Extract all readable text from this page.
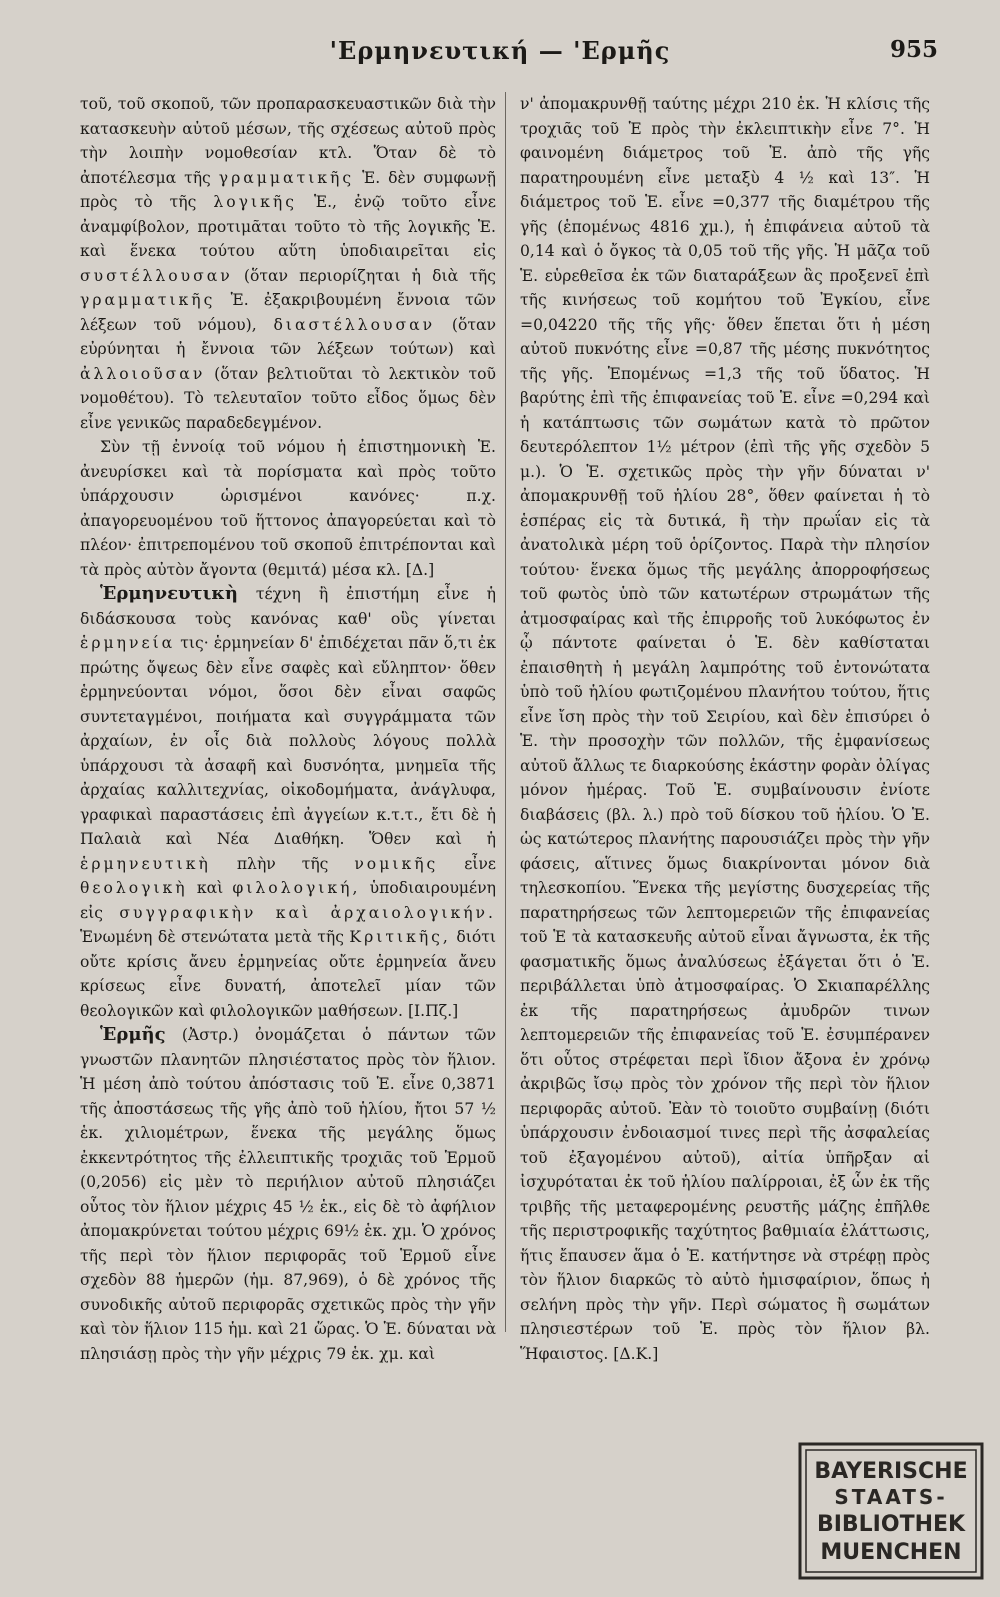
'Ερμηνευτική — 'Ερμῆς	955

τοῦ, τοῦ σκοποῦ, τῶν προπαρασκευαστικῶν διὰ τὴν κατασκευὴν αὐτοῦ μέσων, τῆς σχέσεως αὐτοῦ πρὸς τὴν λοιπὴν νομοθεσίαν κτλ. Ὅταν δὲ τὸ ἀποτέλεσμα τῆς γραμματικῆς Ἑ. δὲν συμφωνῇ πρὸς τὸ τῆς λογικῆς Ἑ., ἐνῷ τοῦτο εἶνε ἀναμφίβολον, προτιμᾶται τοῦτο τὸ τῆς λογικῆς Ἑ. καὶ ἕνεκα τούτου αὕτη ὑποδιαιρεῖται εἰς συστέλλουσαν (ὅταν περιορίζηται ἡ διὰ τῆς γραμματικῆς Ἑ. ἐξακριβουμένη ἔννοια τῶν λέξεων τοῦ νόμου), διαστέλλουσαν (ὅταν εὐρύνηται ἡ ἔννοια τῶν λέξεων τούτων) καὶ ἀλλοιοῦσαν (ὅταν βελτιοῦται τὸ λεκτικὸν τοῦ νομοθέτου). Τὸ τελευταῖον τοῦτο εἶδος ὅμως δὲν εἶνε γενικῶς παραδεδεγμένον.

Σὺν τῇ ἐννοίᾳ τοῦ νόμου ἡ ἐπιστημονικὴ Ἑ. ἀνευρίσκει καὶ τὰ πορίσματα καὶ πρὸς τοῦτο ὑπάρχουσιν ὡρισμένοι κανόνες· π.χ. ἀπαγορευομένου τοῦ ἥττονος ἀπαγορεύεται καὶ τὸ πλέον· ἐπιτρεπομένου τοῦ σκοποῦ ἐπιτρέπονται καὶ τὰ πρὸς αὐτὸν ἄγοντα (θεμιτά) μέσα κλ. [Δ.]

Ἑρμηνευτικὴ τέχνη ἢ ἐπιστήμη εἶνε ἡ διδάσκουσα τοὺς κανόνας καθ' οὓς γίνεται ἑρμηνεία τις· ἑρμηνείαν δ' ἐπιδέχεται πᾶν ὅ,τι ἐκ πρώτης ὄψεως δὲν εἶνε σαφὲς καὶ εὔληπτον· ὅθεν ἑρμηνεύονται νόμοι, ὅσοι δὲν εἶναι σαφῶς συντεταγμένοι, ποιήματα καὶ συγγράμματα τῶν ἀρχαίων, ἐν οἷς διὰ πολλοὺς λόγους πολλὰ ὑπάρχουσι τὰ ἀσαφῆ καὶ δυσνόητα, μνημεῖα τῆς ἀρχαίας καλλιτεχνίας, οἰκοδομήματα, ἀνάγλυφα, γραφικαὶ παραστάσεις ἐπὶ ἀγγείων κ.τ.τ., ἔτι δὲ ἡ Παλαιὰ καὶ Νέα Διαθήκη. Ὅθεν καὶ ἡ ἑρμηνευτικὴ πλὴν τῆς νομικῆς εἶνε θεολογικὴ καὶ φιλολογική, ὑποδιαιρουμένη εἰς συγγραφικὴν καὶ ἀρχαιολογικήν. Ἑνωμένη δὲ στενώτατα μετὰ τῆς Κριτικῆς, διότι οὔτε κρίσις ἄνευ ἑρμηνείας οὔτε ἑρμηνεία ἄνευ κρίσεως εἶνε δυνατή, ἀποτελεῖ μίαν τῶν θεολογικῶν καὶ φιλολογικῶν μαθήσεων. [Ι.Πζ.]

Ἑρμῆς (Ἀστρ.) ὀνομάζεται ὁ πάντων τῶν γνωστῶν πλανητῶν πλησιέστατος πρὸς τὸν ἥλιον. Ἡ μέση ἀπὸ τούτου ἀπόστασις τοῦ Ἑ. εἶνε 0,3871 τῆς ἀποστάσεως τῆς γῆς ἀπὸ τοῦ ἡλίου, ἤτοι 57 ½ ἑκ. χιλιομέτρων, ἕνεκα τῆς μεγάλης ὅμως ἐκκεντρότητος τῆς ἐλλειπτικῆς τροχιᾶς τοῦ Ἑρμοῦ (0,2056) εἰς μὲν τὸ περιήλιον αὐτοῦ πλησιάζει οὗτος τὸν ἥλιον μέχρις 45 ½ ἑκ., εἰς δὲ τὸ ἀφήλιον ἀπομακρύνεται τούτου μέχρις 69½ ἑκ. χμ. Ὁ χρόνος τῆς περὶ τὸν ἥλιον περιφορᾶς τοῦ Ἑρμοῦ εἶνε σχεδὸν 88 ἡμερῶν (ἡμ. 87,969), ὁ δὲ χρόνος τῆς συνοδικῆς αὐτοῦ περιφορᾶς σχετικῶς πρὸς τὴν γῆν καὶ τὸν ἥλιον 115 ἡμ. καὶ 21 ὥρας. Ὁ Ἑ. δύναται νὰ πλησιάσῃ πρὸς τὴν γῆν μέχρις 79 ἑκ. χμ. καὶ

ν' ἀπομακρυνθῇ ταύτης μέχρι 210 ἑκ. Ἡ κλίσις τῆς τροχιᾶς τοῦ Ἑ πρὸς τὴν ἐκλειπτικὴν εἶνε 7°. Ἡ φαινομένη διάμετρος τοῦ Ἑ. ἀπὸ τῆς γῆς παρατηρουμένη εἶνε μεταξὺ 4 ½ καὶ 13″. Ἡ διάμετρος τοῦ Ἑ. εἶνε =0,377 τῆς διαμέτρου τῆς γῆς (ἑπομένως 4816 χμ.), ἡ ἐπιφάνεια αὐτοῦ τὰ 0,14 καὶ ὁ ὄγκος τὰ 0,05 τοῦ τῆς γῆς. Ἡ μᾶζα τοῦ Ἑ. εὑρεθεῖσα ἐκ τῶν διαταράξεων ἃς προξενεῖ ἐπὶ τῆς κινήσεως τοῦ κομήτου τοῦ Ἐγκίου, εἶνε =0,04220 τῆς τῆς γῆς· ὅθεν ἕπεται ὅτι ἡ μέση αὐτοῦ πυκνότης εἶνε =0,87 τῆς μέσης πυκνότητος τῆς γῆς. Ἑπομένως =1,3 τῆς τοῦ ὕδατος. Ἡ βαρύτης ἐπὶ τῆς ἐπιφανείας τοῦ Ἑ. εἶνε =0,294 καὶ ἡ κατάπτωσις τῶν σωμάτων κατὰ τὸ πρῶτον δευτερόλεπτον 1½ μέτρον (ἐπὶ τῆς γῆς σχεδὸν 5 μ.). Ὁ Ἑ. σχετικῶς πρὸς τὴν γῆν δύναται ν' ἀπομακρυνθῇ τοῦ ἡλίου 28°, ὅθεν φαίνεται ἡ τὸ ἑσπέρας εἰς τὰ δυτικά, ἢ τὴν πρωΐαν εἰς τὰ ἀνατολικὰ μέρη τοῦ ὁρίζοντος. Παρὰ τὴν πλησίον τούτου· ἕνεκα ὅμως τῆς μεγάλης ἀπορροφήσεως τοῦ φωτὸς ὑπὸ τῶν κατωτέρων στρωμάτων τῆς ἀτμοσφαίρας καὶ τῆς ἐπιρροῆς τοῦ λυκόφωτος ἐν ᾧ πάντοτε φαίνεται ὁ Ἑ. δὲν καθίσταται ἐπαισθητὴ ἡ μεγάλη λαμπρότης τοῦ ἐντονώτατα ὑπὸ τοῦ ἡλίου φωτιζομένου πλανήτου τούτου, ἥτις εἶνε ἴση πρὸς τὴν τοῦ Σειρίου, καὶ δὲν ἑπισύρει ὁ Ἑ. τὴν προσοχὴν τῶν πολλῶν, τῆς ἐμφανίσεως αὐτοῦ ἄλλως τε διαρκούσης ἑκάστην φορὰν ὀλίγας μόνον ἡμέρας. Τοῦ Ἑ. συμβαίνουσιν ἐνίοτε διαβάσεις (βλ. λ.) πρὸ τοῦ δίσκου τοῦ ἡλίου. Ὁ Ἑ. ὡς κατώτερος πλανήτης παρουσιάζει πρὸς τὴν γῆν φάσεις, αἵτινες ὅμως διακρίνονται μόνον διὰ τηλεσκοπίου. Ἕνεκα τῆς μεγίστης δυσχερείας τῆς παρατηρήσεως τῶν λεπτομερειῶν τῆς ἐπιφανείας τοῦ Ἑ τὰ κατασκευῆς αὐτοῦ εἶναι ἄγνωστα, ἐκ τῆς φασματικῆς ὅμως ἀναλύσεως ἐξάγεται ὅτι ὁ Ἑ. περιβάλλεται ὑπὸ ἀτμοσφαίρας. Ὁ Σκιαπαρέλλης ἐκ τῆς παρατηρήσεως ἀμυδρῶν τινων λεπτομερειῶν τῆς ἐπιφανείας τοῦ Ἑ. ἐσυμπέρανεν ὅτι οὗτος στρέφεται περὶ ἴδιον ἄξονα ἐν χρόνῳ ἀκριβῶς ἴσῳ πρὸς τὸν χρόνον τῆς περὶ τὸν ἥλιον περιφορᾶς αὐτοῦ. Ἐὰν τὸ τοιοῦτο συμβαίνῃ (διότι ὑπάρχουσιν ἐνδοιασμοί τινες περὶ τῆς ἀσφαλείας τοῦ ἐξαγομένου αὐτοῦ), αἰτία ὑπῆρξαν αἱ ἰσχυρόταται ἐκ τοῦ ἡλίου παλίρροιαι, ἐξ ὧν ἐκ τῆς τριβῆς τῆς μεταφερομένης ρευστῆς μάζης ἐπῆλθε τῆς περιστροφικῆς ταχύτητος βαθμιαία ἐλάττωσις, ἥτις ἔπαυσεν ἅμα ὁ Ἑ. κατήντησε νὰ στρέφῃ πρὸς τὸν ἥλιον διαρκῶς τὸ αὐτὸ ἡμισφαίριον, ὅπως ἡ σελήνη πρὸς τὴν γῆν. Περὶ σώματος ἢ σωμάτων πλησιεστέρων τοῦ Ἑ. πρὸς τὸν ἥλιον βλ. Ἥφαιστος. [Δ.Κ.]

BAYERISCHE
STAATS-
BIBLIOTHEK
MUENCHEN
